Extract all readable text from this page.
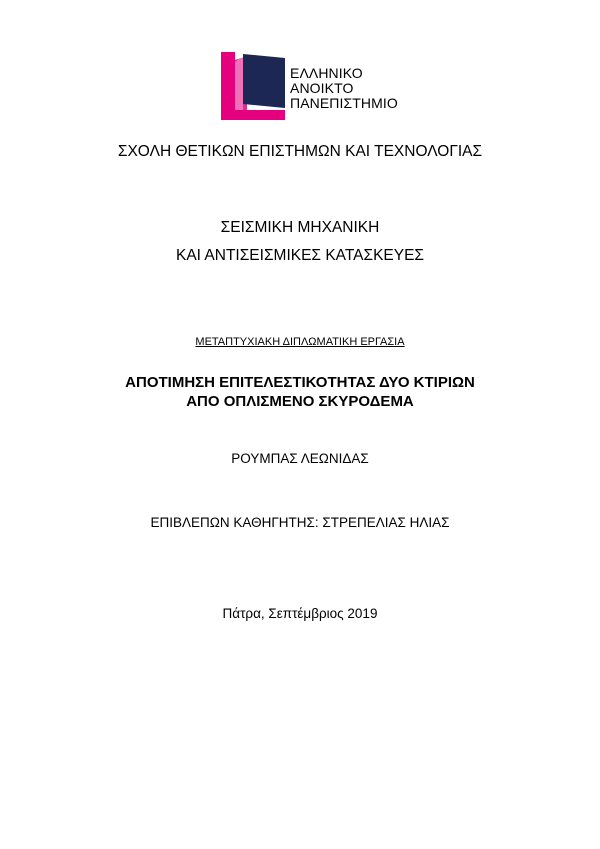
ΕΛΛΗΝΙΚΟ
ΑΝΟΙΚΤΟ
ΠΑΝΕΠΙΣΤΗΜΙΟ
ΣΧΟΛΗ ΘΕΤΙΚΩΝ ΕΠΙΣΤΗΜΩΝ ΚΑΙ ΤΕΧΝΟΛΟΓΙΑΣ
ΣΕΙΣΜΙΚΗ ΜΗΧΑΝΙΚΗ
ΚΑΙ ΑΝΤΙΣΕΙΣΜΙΚΕΣ ΚΑΤΑΣΚΕΥΕΣ
ΜΕΤΑΠΤΥΧΙΑΚΗ ΔΙΠΛΩΜΑΤΙΚΗ ΕΡΓΑΣΙΑ
ΑΠΟΤΙΜΗΣΗ ΕΠΙΤΕΛΕΣΤΙΚΟΤΗΤΑΣ ΔΥΟ ΚΤΙΡΙΩΝ
ΑΠΟ ΟΠΛΙΣΜΕΝΟ ΣΚΥΡΟΔΕΜΑ
ΡΟΥΜΠΑΣ ΛΕΩΝΙΔΑΣ
ΕΠΙΒΛΕΠΩΝ ΚΑΘΗΓΗΤΗΣ: ΣΤΡΕΠΕΛΙΑΣ ΗΛΙΑΣ
Πάτρα, Σεπτέμβριος 2019
